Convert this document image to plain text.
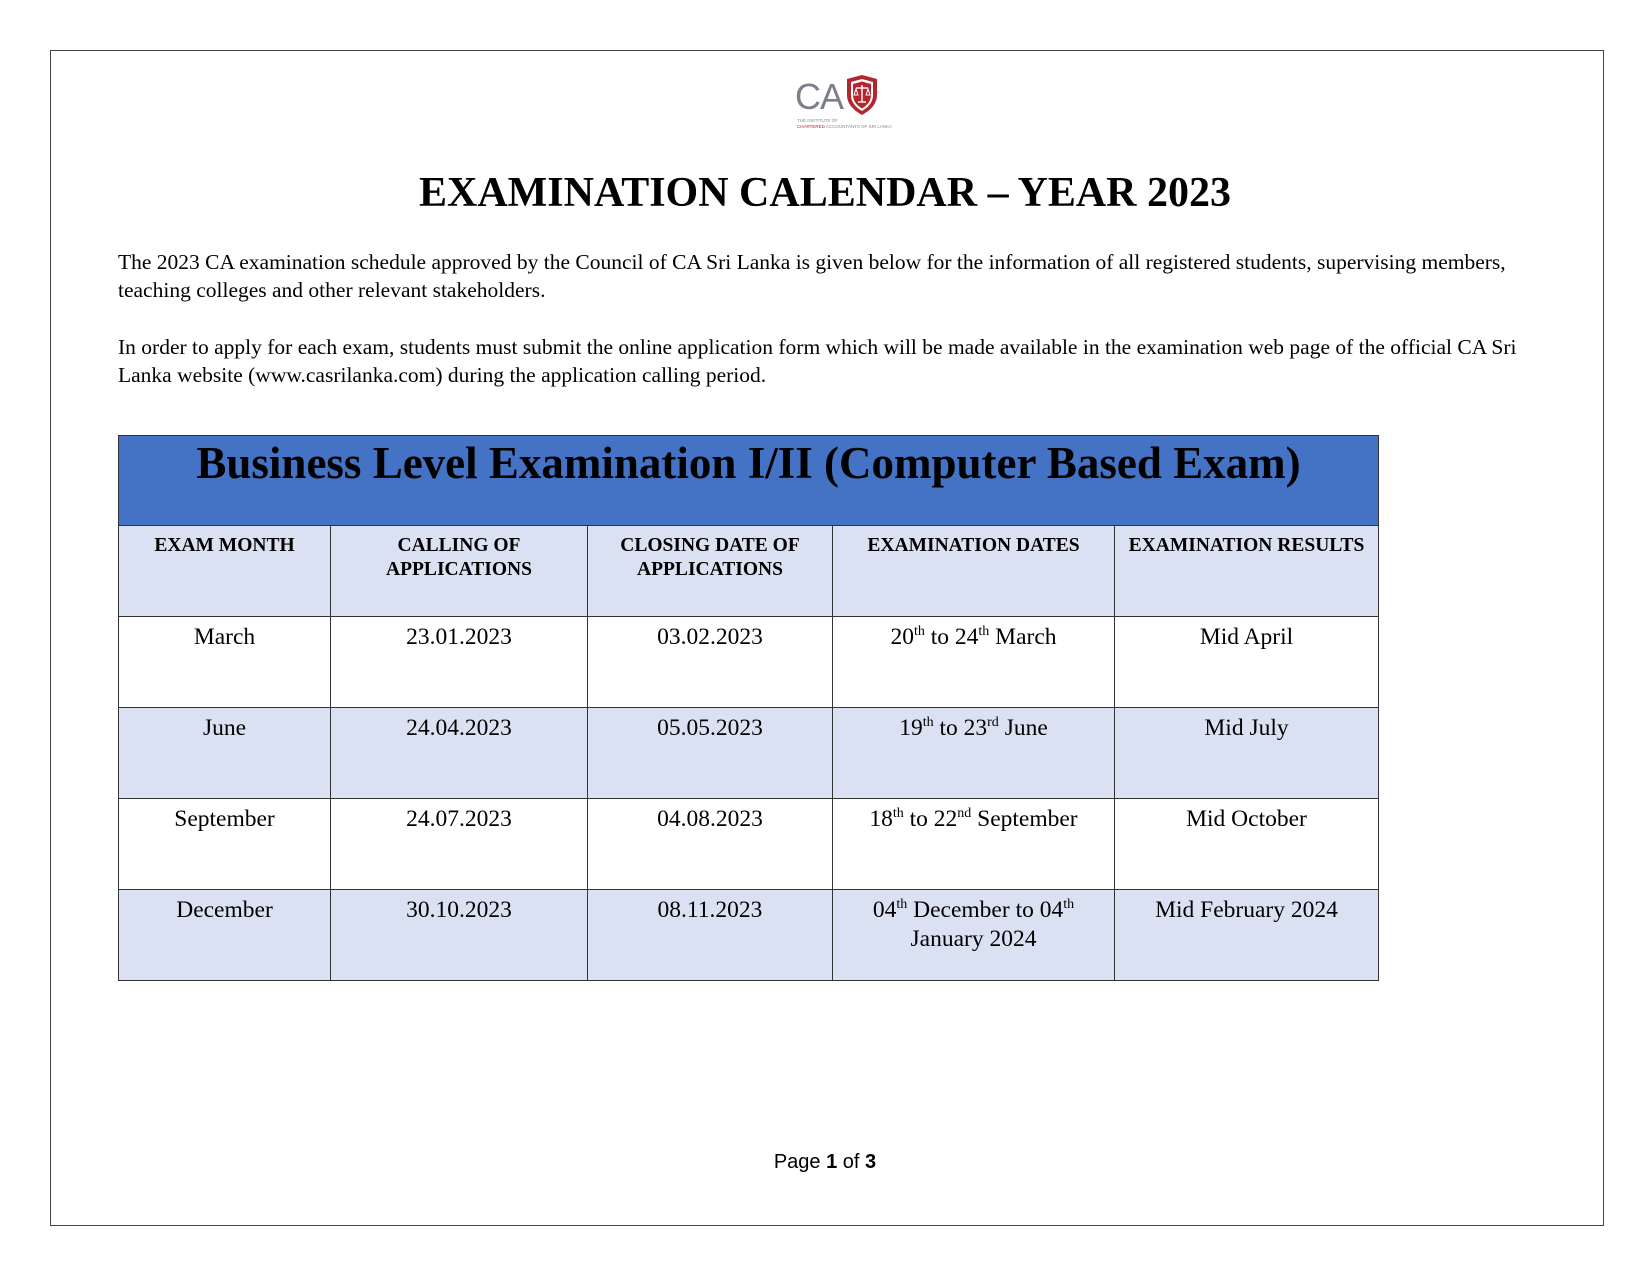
CA
THE INSTITUTE OF
CHARTERED ACCOUNTANTS OF SRI LANKA
EXAMINATION CALENDAR – YEAR 2023
The 2023 CA examination schedule approved by the Council of CA Sri Lanka is given below for the information of all registered students, supervising members, teaching colleges and other relevant stakeholders.
In order to apply for each exam, students must submit the online application form which will be made available in the examination web page of the official CA Sri Lanka website (www.casrilanka.com) during the application calling period.
Business Level Examination I/II (Computer Based Exam)				
EXAM MONTH	CALLING OF APPLICATIONS	CLOSING DATE OF APPLICATIONS	EXAMINATION DATES	EXAMINATION RESULTS
March	23.01.2023	03.02.2023	20th to 24th March	Mid April
June	24.04.2023	05.05.2023	19th to 23rd June	Mid July
September	24.07.2023	04.08.2023	18th to 22nd September	Mid October
December	30.10.2023	08.11.2023	04th December to 04th January 2024	Mid February 2024
Page 1 of 3
